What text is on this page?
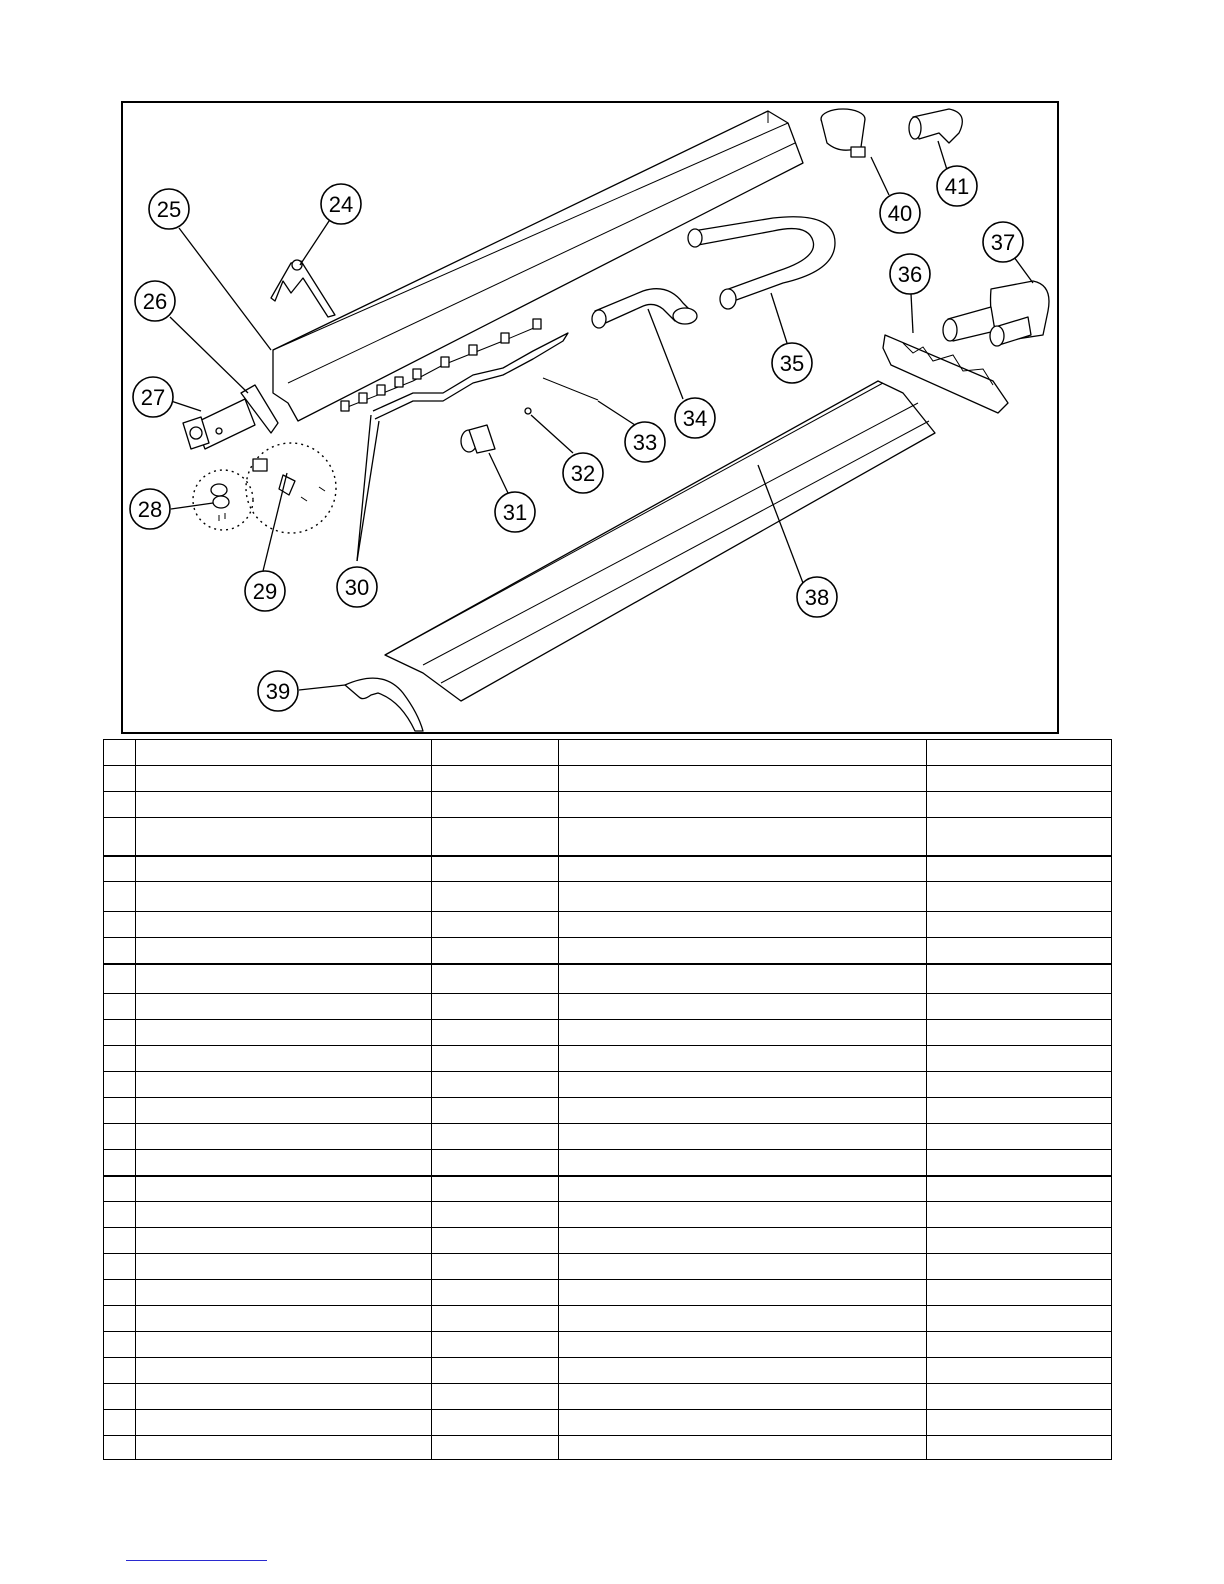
24
25
26
27
28
29	30
31
32
33
34
35
36
37
38
39
40
41
